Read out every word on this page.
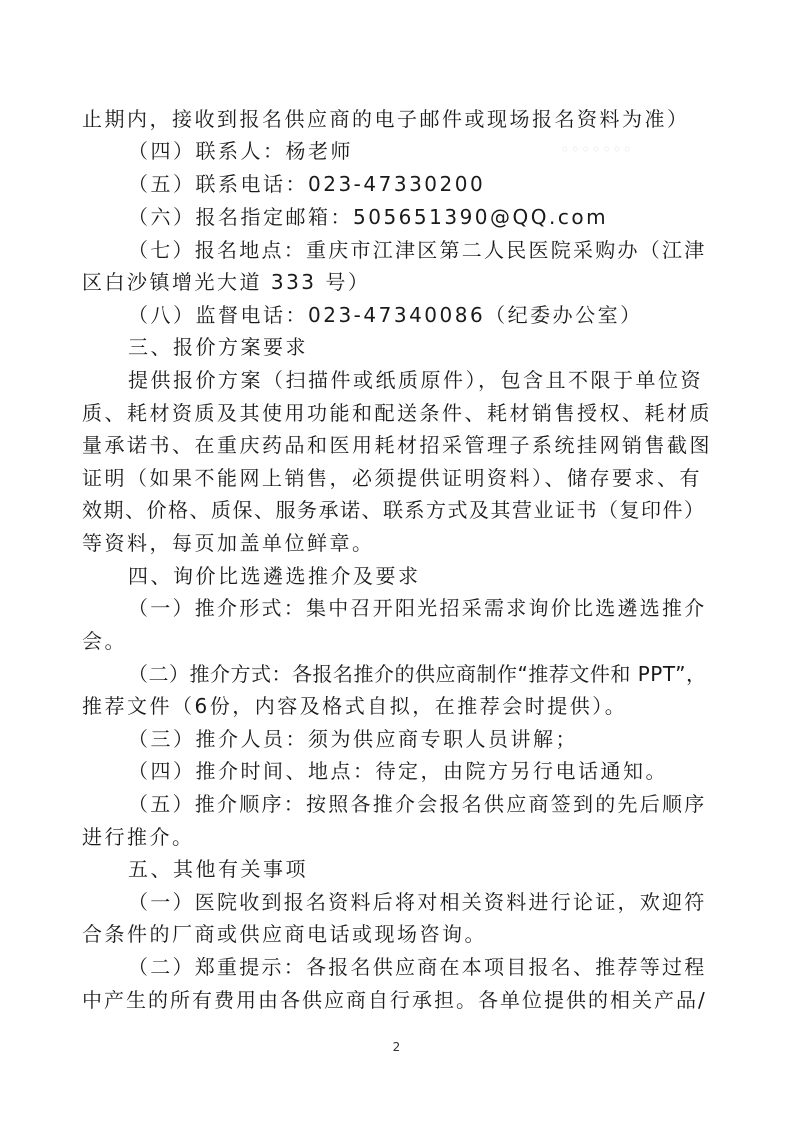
◦◦◦◦◦◦◦
止期内，接收到报名供应商的电子邮件或现场报名资料为准）
（四）联系人：杨老师
（五）联系电话：023-47330200
（六）报名指定邮箱：505651390@QQ.com
（七）报名地点：重庆市江津区第二人民医院采购办（江津
区白沙镇增光大道 333 号）
（八）监督电话：023-47340086（纪委办公室）
三、报价方案要求
提供报价方案（扫描件或纸质原件），包含且不限于单位资
质、耗材资质及其使用功能和配送条件、耗材销售授权、耗材质
量承诺书、在重庆药品和医用耗材招采管理子系统挂网销售截图
证明（如果不能网上销售，必须提供证明资料）、储存要求、有
效期、价格、质保、服务承诺、联系方式及其营业证书（复印件）
等资料，每页加盖单位鲜章。
四、询价比选遴选推介及要求
（一）推介形式：集中召开阳光招采需求询价比选遴选推介
会。
（二）推介方式：各报名推介的供应商制作“推荐文件和 PPT”，
推荐文件（6份，内容及格式自拟，在推荐会时提供）。
（三）推介人员：须为供应商专职人员讲解；
（四）推介时间、地点：待定，由院方另行电话通知。
（五）推介顺序：按照各推介会报名供应商签到的先后顺序
进行推介。
五、其他有关事项
（一）医院收到报名资料后将对相关资料进行论证，欢迎符
合条件的厂商或供应商电话或现场咨询。
（二）郑重提示：各报名供应商在本项目报名、推荐等过程
中产生的所有费用由各供应商自行承担。各单位提供的相关产品/
2
